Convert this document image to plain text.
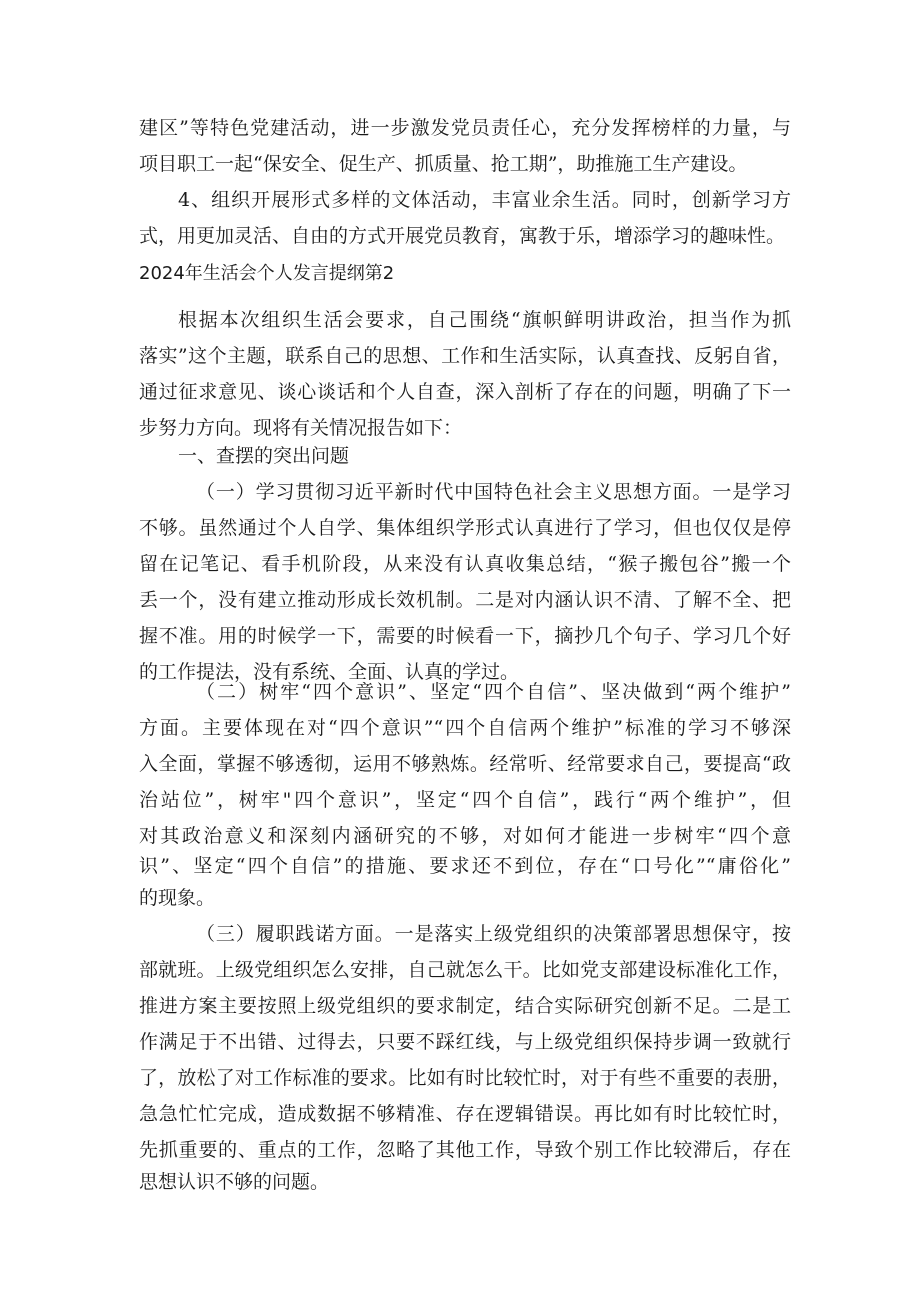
建区”等特色党建活动，进一步激发党员责任心，充分发挥榜样的力量，与
项目职工一起“保安全、促生产、抓质量、抢工期”，助推施工生产建设。
4、组织开展形式多样的文体活动，丰富业余生活。同时，创新学习方
式，用更加灵活、自由的方式开展党员教育，寓教于乐，增添学习的趣味性。
2024年生活会个人发言提纲第2
根据本次组织生活会要求，自己围绕“旗帜鲜明讲政治，担当作为抓
落实”这个主题，联系自己的思想、工作和生活实际，认真查找、反躬自省，
通过征求意见、谈心谈话和个人自查，深入剖析了存在的问题，明确了下一
步努力方向。现将有关情况报告如下：
一、查摆的突出问题
（一）学习贯彻习近平新时代中国特色社会主义思想方面。一是学习
不够。虽然通过个人自学、集体组织学形式认真进行了学习，但也仅仅是停
留在记笔记、看手机阶段，从来没有认真收集总结，“猴子搬包谷”搬一个
丢一个，没有建立推动形成长效机制。二是对内涵认识不清、了解不全、把
握不准。用的时候学一下，需要的时候看一下，摘抄几个句子、学习几个好
的工作提法，没有系统、全面、认真的学过。
（二）树牢“四个意识”、坚定“四个自信”、坚决做到“两个维护”
方面。主要体现在对“四个意识”“四个自信两个维护”标准的学习不够深
入全面，掌握不够透彻，运用不够熟炼。经常听、经常要求自己，要提高“政
治站位”，树牢"四个意识”，坚定“四个自信”，践行“两个维护”，但
对其政治意义和深刻内涵研究的不够，对如何才能进一步树牢“四个意
识”、坚定“四个自信”的措施、要求还不到位，存在“口号化”“庸俗化”
的现象。
（三）履职践诺方面。一是落实上级党组织的决策部署思想保守，按
部就班。上级党组织怎么安排，自己就怎么干。比如党支部建设标准化工作，
推进方案主要按照上级党组织的要求制定，结合实际研究创新不足。二是工
作满足于不出错、过得去，只要不踩红线，与上级党组织保持步调一致就行
了，放松了对工作标准的要求。比如有时比较忙时，对于有些不重要的表册，
急急忙忙完成，造成数据不够精准、存在逻辑错误。再比如有时比较忙时，
先抓重要的、重点的工作，忽略了其他工作，导致个别工作比较滞后，存在
思想认识不够的问题。
